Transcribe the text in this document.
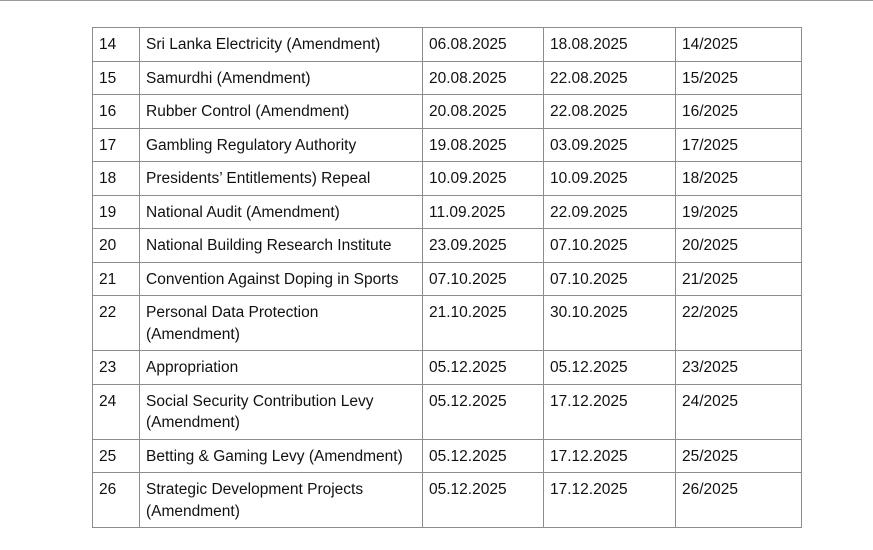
14	Sri Lanka Electricity (Amendment)	06.08.2025	18.08.2025	14/2025
15	Samurdhi (Amendment)	20.08.2025	22.08.2025	15/2025
16	Rubber Control (Amendment)	20.08.2025	22.08.2025	16/2025
17	Gambling Regulatory Authority	19.08.2025	03.09.2025	17/2025
18	Presidents’ Entitlements) Repeal	10.09.2025	10.09.2025	18/2025
19	National Audit (Amendment)	11.09.2025	22.09.2025	19/2025
20	National Building Research Institute	23.09.2025	07.10.2025	20/2025
21	Convention Against Doping in Sports	07.10.2025	07.10.2025	21/2025
22	Personal Data Protection (Amendment)	21.10.2025	30.10.2025	22/2025
23	Appropriation	05.12.2025	05.12.2025	23/2025
24	Social Security Contribution Levy (Amendment)	05.12.2025	17.12.2025	24/2025
25	Betting & Gaming Levy (Amendment)	05.12.2025	17.12.2025	25/2025
26	Strategic Development Projects (Amendment)	05.12.2025	17.12.2025	26/2025
